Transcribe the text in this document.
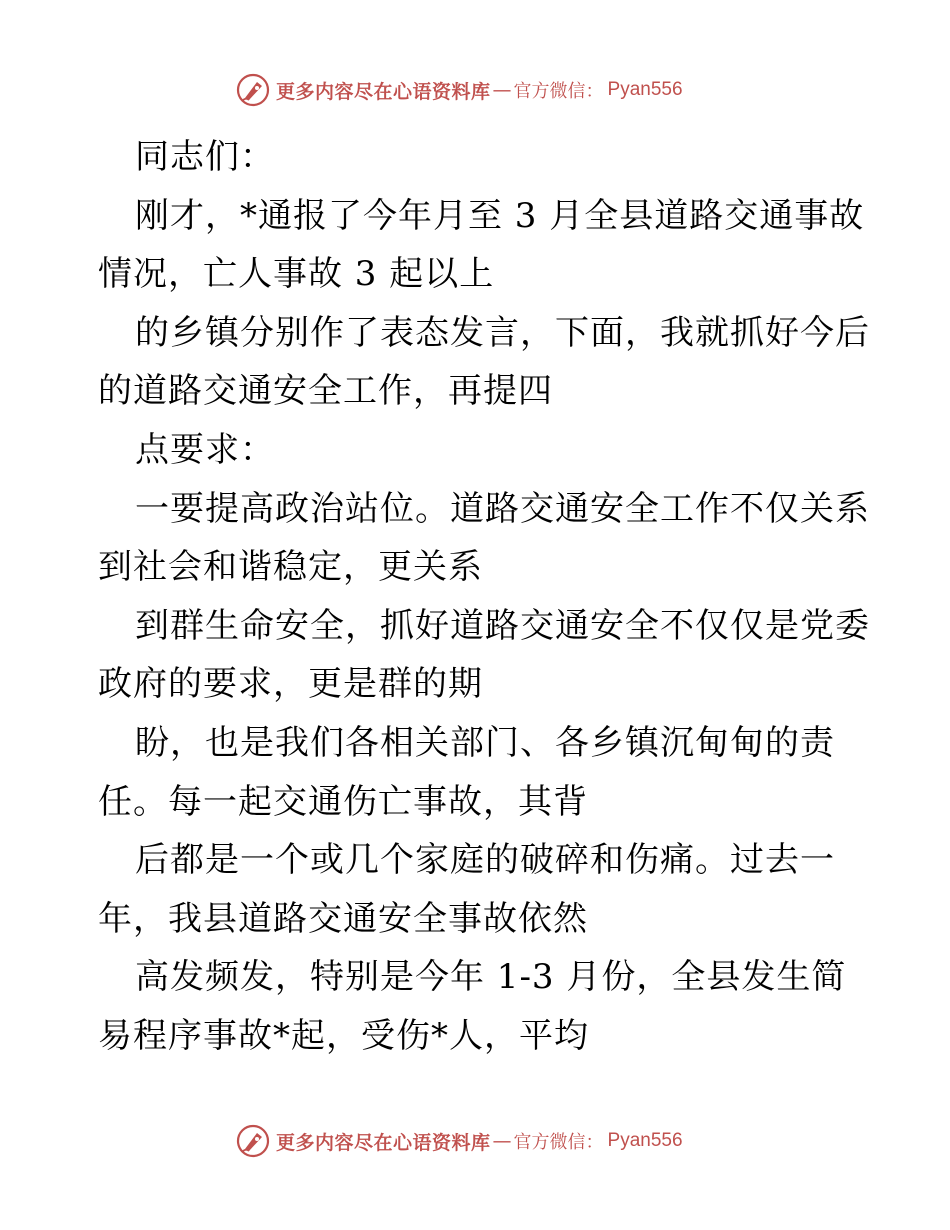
更多内容尽在心语资料库 — 官方微信： Pyan556
同志们：
刚才，*通报了今年月至 3 月全县道路交通事故
情况，亡人事故 3 起以上
的乡镇分别作了表态发言，下面，我就抓好今后
的道路交通安全工作，再提四
点要求：
一要提高政治站位。道路交通安全工作不仅关系
到社会和谐稳定，更关系
到群生命安全，抓好道路交通安全不仅仅是党委
政府的要求，更是群的期
盼，也是我们各相关部门、各乡镇沉甸甸的责
任。每一起交通伤亡事故，其背
后都是一个或几个家庭的破碎和伤痛。过去一
年，我县道路交通安全事故依然
高发频发，特别是今年 1-3 月份，全县发生简
易程序事故*起，受伤*人，平均
更多内容尽在心语资料库 — 官方微信： Pyan556
